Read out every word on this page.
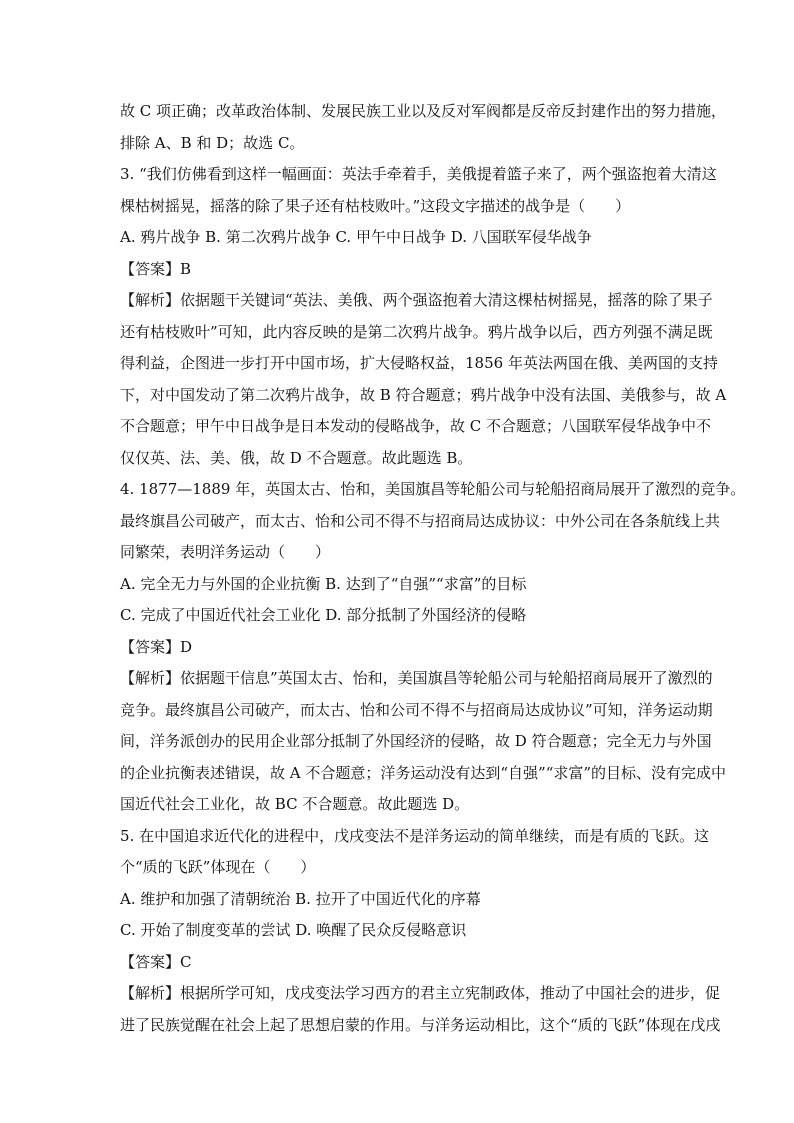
故 C 项正确；改革政治体制、发展民族工业以及反对军阀都是反帝反封建作出的努力措施，
排除 A、B 和 D；故选 C。
3. “我们仿佛看到这样一幅画面：英法手牵着手，美俄提着篮子来了，两个强盗抱着大清这
棵枯树摇晃，摇落的除了果子还有枯枝败叶。”这段文字描述的战争是（　　）
A. 鸦片战争 B. 第二次鸦片战争 C. 甲午中日战争 D. 八国联军侵华战争
【答案】B
【解析】依据题干关键词“英法、美俄、两个强盗抱着大清这棵枯树摇晃，摇落的除了果子
还有枯枝败叶”可知，此内容反映的是第二次鸦片战争。鸦片战争以后，西方列强不满足既
得利益，企图进一步打开中国市场，扩大侵略权益，1856 年英法两国在俄、美两国的支持
下，对中国发动了第二次鸦片战争，故 B 符合题意；鸦片战争中没有法国、美俄参与，故 A
不合题意；甲午中日战争是日本发动的侵略战争，故 C 不合题意；八国联军侵华战争中不
仅仅英、法、美、俄，故 D 不合题意。故此题选 B。
4. 1877—1889 年，英国太古、怡和，美国旗昌等轮船公司与轮船招商局展开了激烈的竞争。
最终旗昌公司破产，而太古、怡和公司不得不与招商局达成协议：中外公司在各条航线上共
同繁荣，表明洋务运动（　　）
A. 完全无力与外国的企业抗衡 B. 达到了“自强”“求富”的目标
C. 完成了中国近代社会工业化 D. 部分抵制了外国经济的侵略
【答案】D
【解析】依据题干信息”英国太古、怡和，美国旗昌等轮船公司与轮船招商局展开了激烈的
竞争。最终旗昌公司破产，而太古、怡和公司不得不与招商局达成协议”可知，洋务运动期
间，洋务派创办的民用企业部分抵制了外国经济的侵略，故 D 符合题意；完全无力与外国
的企业抗衡表述错误，故 A 不合题意；洋务运动没有达到“自强”“求富”的目标、没有完成中
国近代社会工业化，故 BC 不合题意。故此题选 D。
5. 在中国追求近代化的进程中，戊戌变法不是洋务运动的简单继续，而是有质的飞跃。这
个“质的飞跃”体现在（　　）
A. 维护和加强了清朝统治 B. 拉开了中国近代化的序幕
C. 开始了制度变革的尝试 D. 唤醒了民众反侵略意识
【答案】C
【解析】根据所学可知，戊戌变法学习西方的君主立宪制政体，推动了中国社会的进步，促
进了民族觉醒在社会上起了思想启蒙的作用。与洋务运动相比，这个“质的飞跃”体现在戊戌
